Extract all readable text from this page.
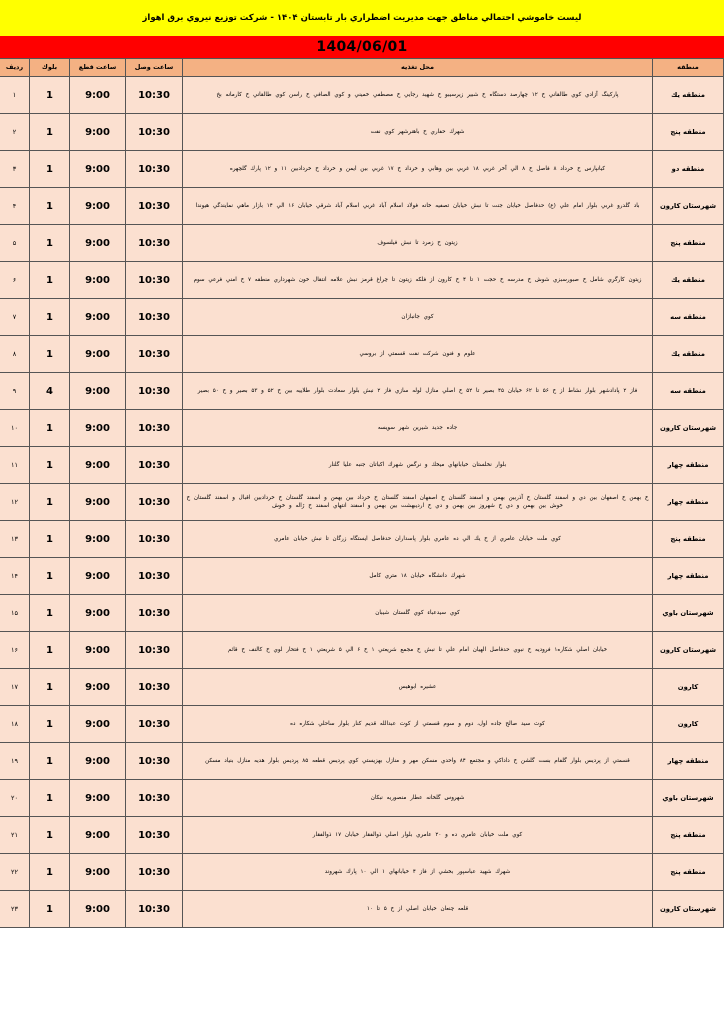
ليست خاموشي احتمالي مناطق جهت مديريت اضطراري بار تابستان ۱۴۰۴ - شركت توزيع نيروي برق اهواز
1404/06/01
منطقه	محل تغذيه	ساعت وصل	ساعت قطع	بلوك	رديف
منطقه يك	پاركينگ آزادي كوي طالقاني خ ۱۲ چهارصد دستگاه خ شبير زيرسيبو خ شهيد رجايي خ مصطفي خميني و كوي الصافي خ راسن كوي طالقاني خ كارمانه بخ	10:30	9:00	1	۱
منطقه پنج	شهرك حفاري خ باهنرشهر كوي نفت	10:30	9:00	1	۲
منطقه دو	كيانپارس خ خرداد ۸ فاصل خ ۸ الي آخر غربي ۱۸ غربي بين وهابي و خرداد خ ۱۷ غربي بين ايمن و خرداد خ خردادبين ۱۱ و ۱۲ پارك گلچهره	10:30	9:00	1	۳
شهرستان كارون	باد گلدرو غربي بلوار امام علي (ع) حدفاصل خيابان جنت تا نبش خيابان تصفيه خانه فولاد اسلام آباد غربي اسلام آباد شرقي خيابان ۱۶ الي ۱۴ بازار ماهي نمايندگي هيوندا	10:30	9:00	1	۴
منطقه پنج	زيتون خ زمرد تا نبش فيلسوف	10:30	9:00	1	۵
منطقه يك	زيتون كارگري شامل خ صبورسبزي شوش خ مدرسه خ حجت ۱ تا ۴ خ كارون از فلكه زيتون تا چراغ قرمز نبش علامه انتقال خون شهرداري منطقه ۷ خ امني فرعي سوم	10:30	9:00	1	۶
منطقه سه	كوي جانبازان	10:30	9:00	1	۷
منطقه يك	علوم و فنون شركت نفت قسمتي از بروسي	10:30	9:00	1	۸
منطقه سه	فاز ۲ پادادشهر بلوار نشاط از خ ۵۶ تا ۶۲ خيابان ۴۵ بصير تا ۵۲ خ اصلي منازل لوله سازي فاز ۲ نبش بلوار سعادت بلوار طلاييه بين خ ۵۲ و ۵۳ بصير و خ ۵۰ بصير	10:30	9:00	4	۹
شهرستان كارون	جاده جديد شيرين شهر سويسه	10:30	9:00	1	۱۰
منطقه چهار	بلوار نخلستان خيابانهاي ميخك و نرگس شهرك اكباتان جنبه عليا گلنار	10:30	9:00	1	۱۱
منطقه چهار	خ بهمن خ اصفهان بين دي و اسفند گلستان خ آذربين بهمن و اسفند گلستان خ اصفهان اسفند گلستان خ خرداد بين بهمن و اسفند گلستان خ خردادبين اقبال و اسفند گلستان خ خوش بين بهمن و دي خ شهروز بين بهمن و دي خ ارديبهشت بين بهمن و اسفند انتهاي اسفند خ ژاله و خوش	10:30	9:00	1	۱۲
منطقه پنج	كوي ملت خيابان عامري از خ يك الي ده عامري بلوار پاسداران حدفاصل ايستگاه زرگان تا نبش خيابان عامري	10:30	9:00	1	۱۳
منطقه چهار	شهرك دانشگاه خيابان ۱۸ متري كامل	10:30	9:00	1	۱۴
شهرستان باوي	كوي سيدعباء كوي گلستان شيبان	10:30	9:00	1	۱۵
شهرستان كارون	خيابان اصلي شكاره۱ فروديه خ نبوي حدفاصل الهيان امام علي تا نبش خ مجمع شريعتي ۱ خ ۶ الي ۵ شريعتي ۱ خ فتحار لوي خ كالنف خ قائم	10:30	9:00	1	۱۶
كارون	عشيره ابوهيس	10:30	9:00	1	۱۷
كارون	كوت سيد صالح جاده اول، دوم و سوم قسمتي از كوت عبدالله قديم كنار بلوار ساحلي شكاره ده	10:30	9:00	1	۱۸
منطقه چهار	قسمتي از پرديس بلوار گلفام بست گلشن خ داداكي و مجتمع ۸۴ واحدي مسكن مهر و منازل بهزيستي كوي پرديس قطعه ۸۵ پرديس بلوار هديه منازل بنياد مسكن	10:30	9:00	1	۱۹
شهرستان باوي	شهروس گلخانه عطار منصوريه نبكان	10:30	9:00	1	۲۰
منطقه پنج	كوي ملت خيابان عامري ده و ۲۰ عامري بلوار اصلي ذوالفقار خيابان ۱۷ ذوالفقار	10:30	9:00	1	۲۱
منطقه پنج	شهرك شهيد عباسپور بخشي از فاز ۴ خيابانهاي ۱ الي ۱۰ پارك شهروند	10:30	9:00	1	۲۲
شهرستان كارون	قلعه چنعان خيابان اصلي از خ ۵ تا ۱۰	10:30	9:00	1	۲۳
